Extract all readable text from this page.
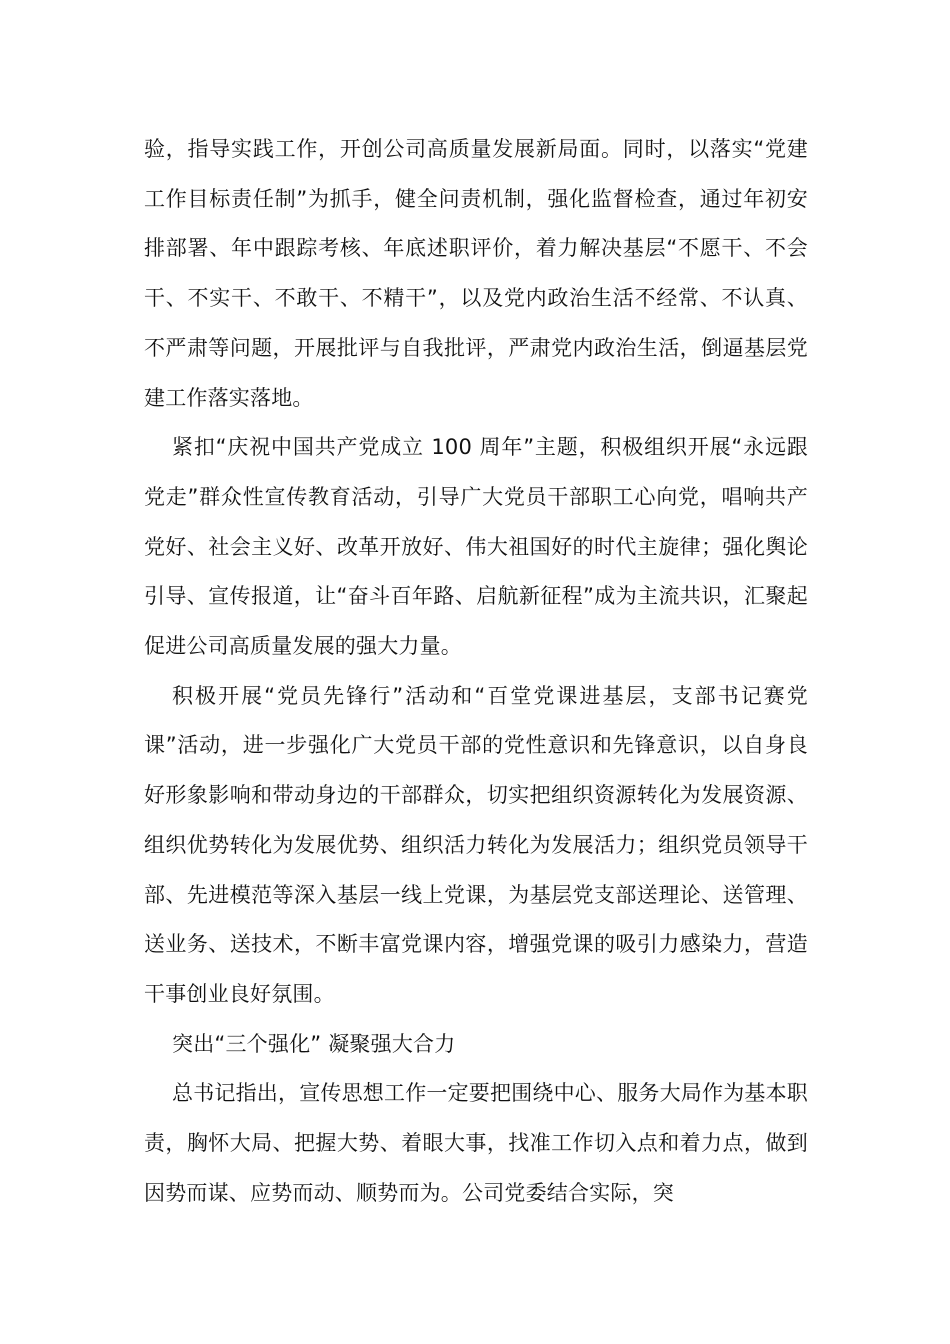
验，指导实践工作，开创公司高质量发展新局面。同时，以落实“党建工作目标责任制”为抓手，健全问责机制，强化监督检查，通过年初安排部署、年中跟踪考核、年底述职评价，着力解决基层“不愿干、不会干、不实干、不敢干、不精干”，以及党内政治生活不经常、不认真、不严肃等问题，开展批评与自我批评，严肃党内政治生活，倒逼基层党建工作落实落地。

紧扣“庆祝中国共产党成立 100 周年”主题，积极组织开展“永远跟党走”群众性宣传教育活动，引导广大党员干部职工心向党，唱响共产党好、社会主义好、改革开放好、伟大祖国好的时代主旋律；强化舆论引导、宣传报道，让“奋斗百年路、启航新征程”成为主流共识，汇聚起促进公司高质量发展的强大力量。

积极开展“党员先锋行”活动和“百堂党课进基层，支部书记赛党课”活动，进一步强化广大党员干部的党性意识和先锋意识，以自身良好形象影响和带动身边的干部群众，切实把组织资源转化为发展资源、组织优势转化为发展优势、组织活力转化为发展活力；组织党员领导干部、先进模范等深入基层一线上党课，为基层党支部送理论、送管理、送业务、送技术，不断丰富党课内容，增强党课的吸引力感染力，营造干事创业良好氛围。

突出“三个强化” 凝聚强大合力

总书记指出，宣传思想工作一定要把围绕中心、服务大局作为基本职责，胸怀大局、把握大势、着眼大事，找准工作切入点和着力点，做到因势而谋、应势而动、顺势而为。公司党委结合实际，突
